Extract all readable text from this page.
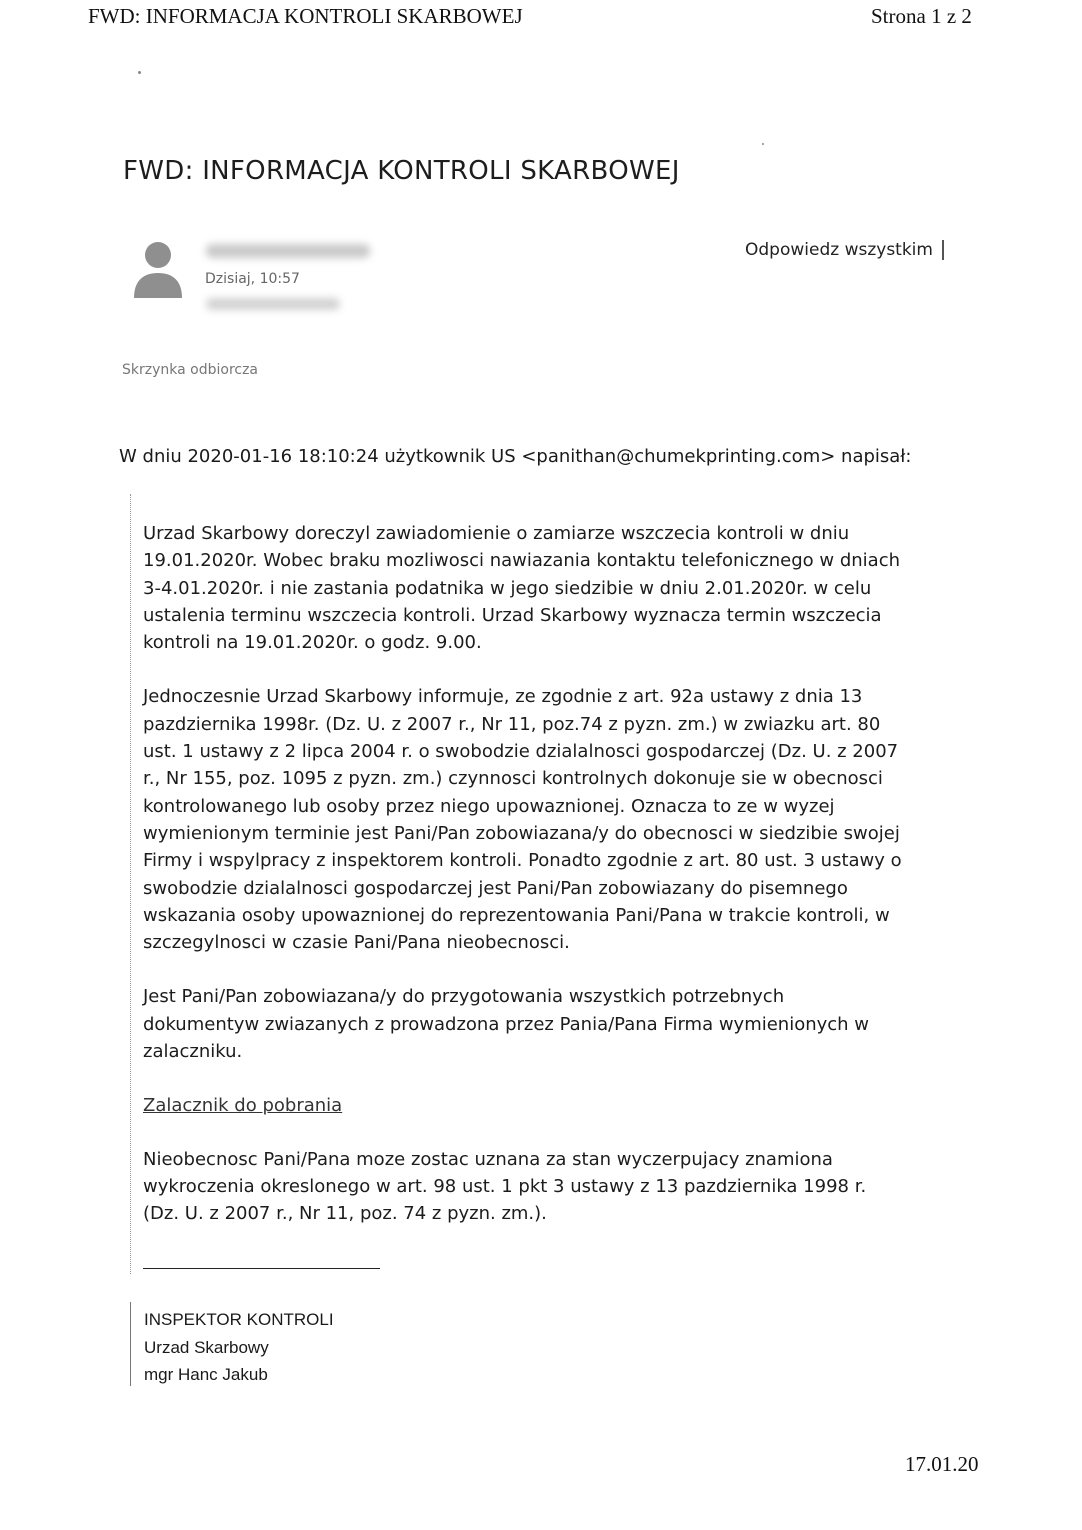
FWD: INFORMACJA KONTROLI SKARBOWEJ	Strona 1 z 2
FWD: INFORMACJA KONTROLI SKARBOWEJ
Dzisiaj, 10:57
Odpowiedz wszystkim
Skrzynka odbiorcza
W dniu 2020-01-16 18:10:24 użytkownik US <panithan@chumekprinting.com> napisał:

Urzad Skarbowy doreczyl zawiadomienie o zamiarze wszczecia kontroli w dniu 19.01.2020r. Wobec braku mozliwosci nawiazania kontaktu telefonicznego w dniach 3-4.01.2020r. i nie zastania podatnika w jego siedzibie w dniu 2.01.2020r. w celu ustalenia terminu wszczecia kontroli. Urzad Skarbowy wyznacza termin wszczecia kontroli na 19.01.2020r. o godz. 9.00.

Jednoczesnie Urzad Skarbowy informuje, ze zgodnie z art. 92a ustawy z dnia 13 pazdziernika 1998r. (Dz. U. z 2007 r., Nr 11, poz.74 z pyzn. zm.) w zwiazku art. 80 ust. 1 ustawy z 2 lipca 2004 r. o swobodzie dzialalnosci gospodarczej (Dz. U. z 2007 r., Nr 155, poz. 1095 z pyzn. zm.) czynnosci kontrolnych dokonuje sie w obecnosci kontrolowanego lub osoby przez niego upowaznionej. Oznacza to ze w wyzej wymienionym terminie jest Pani/Pan zobowiazana/y do obecnosci w siedzibie swojej Firmy i wspylpracy z inspektorem kontroli. Ponadto zgodnie z art. 80 ust. 3 ustawy o swobodzie dzialalnosci gospodarczej jest Pani/Pan zobowiazany do pisemnego wskazania osoby upowaznionej do reprezentowania Pani/Pana w trakcie kontroli, w szczegylnosci w czasie Pani/Pana nieobecnosci.

Jest Pani/Pan zobowiazana/y do przygotowania wszystkich potrzebnych dokumentyw zwiazanych z prowadzona przez Pania/Pana Firma wymienionych w zalaczniku.

Zalacznik do pobrania

Nieobecnosc Pani/Pana moze zostac uznana za stan wyczerpujacy znamiona wykroczenia okreslonego w art. 98 ust. 1 pkt 3 ustawy z 13 pazdziernika 1998 r. (Dz. U. z 2007 r., Nr 11, poz. 74 z pyzn. zm.).

INSPEKTOR KONTROLI
Urzad Skarbowy
mgr Hanc Jakub
17.01.20
